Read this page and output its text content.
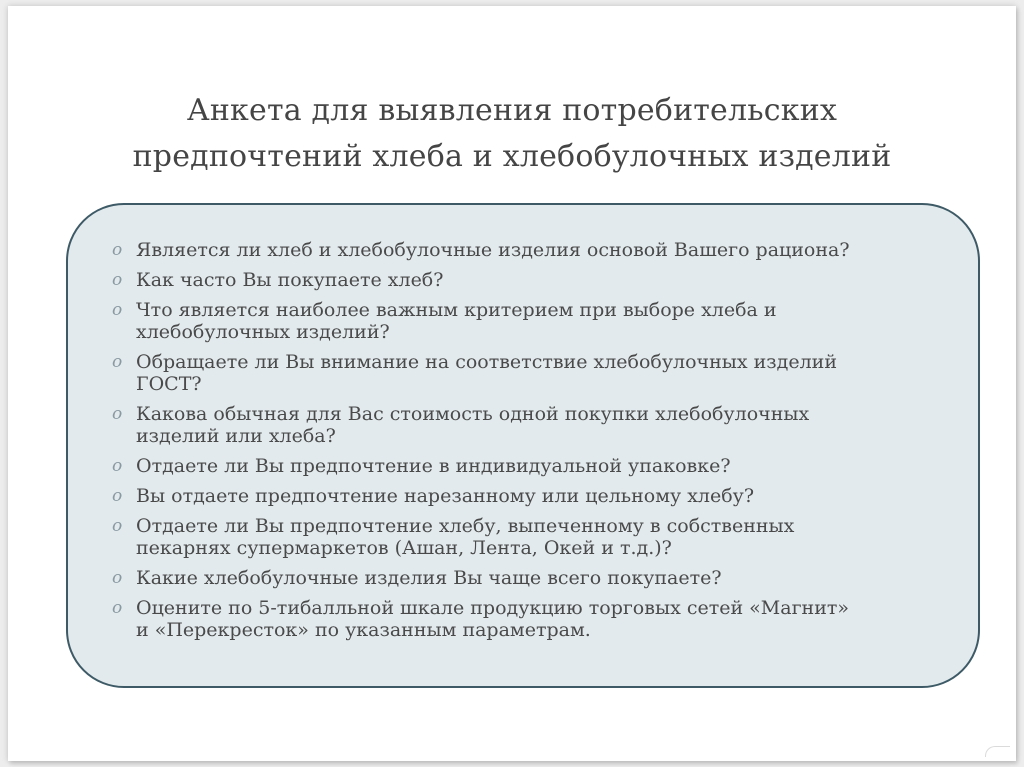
Анкета для выявления потребительских
предпочтений хлеба и хлебобулочных изделий
o Является ли хлеб и хлебобулочные изделия основой Вашего рациона?
o Как часто Вы покупаете хлеб?
o Что является наиболее важным критерием при выборе хлеба и
хлебобулочных изделий?
o Обращаете ли Вы внимание на соответствие хлебобулочных изделий
ГОСТ?
o Какова обычная для Вас стоимость одной покупки хлебобулочных
изделий или хлеба?
o Отдаете ли Вы предпочтение в индивидуальной упаковке?
o Вы отдаете предпочтение нарезанному или цельному хлебу?
o Отдаете ли Вы предпочтение хлебу, выпеченному в собственных
пекарнях супермаркетов (Ашан, Лента, Окей и т.д.)?
o Какие хлебобулочные изделия Вы чаще всего покупаете?
o Оцените по 5-тибалльной шкале продукцию торговых сетей «Магнит»
и «Перекресток» по указанным параметрам.
